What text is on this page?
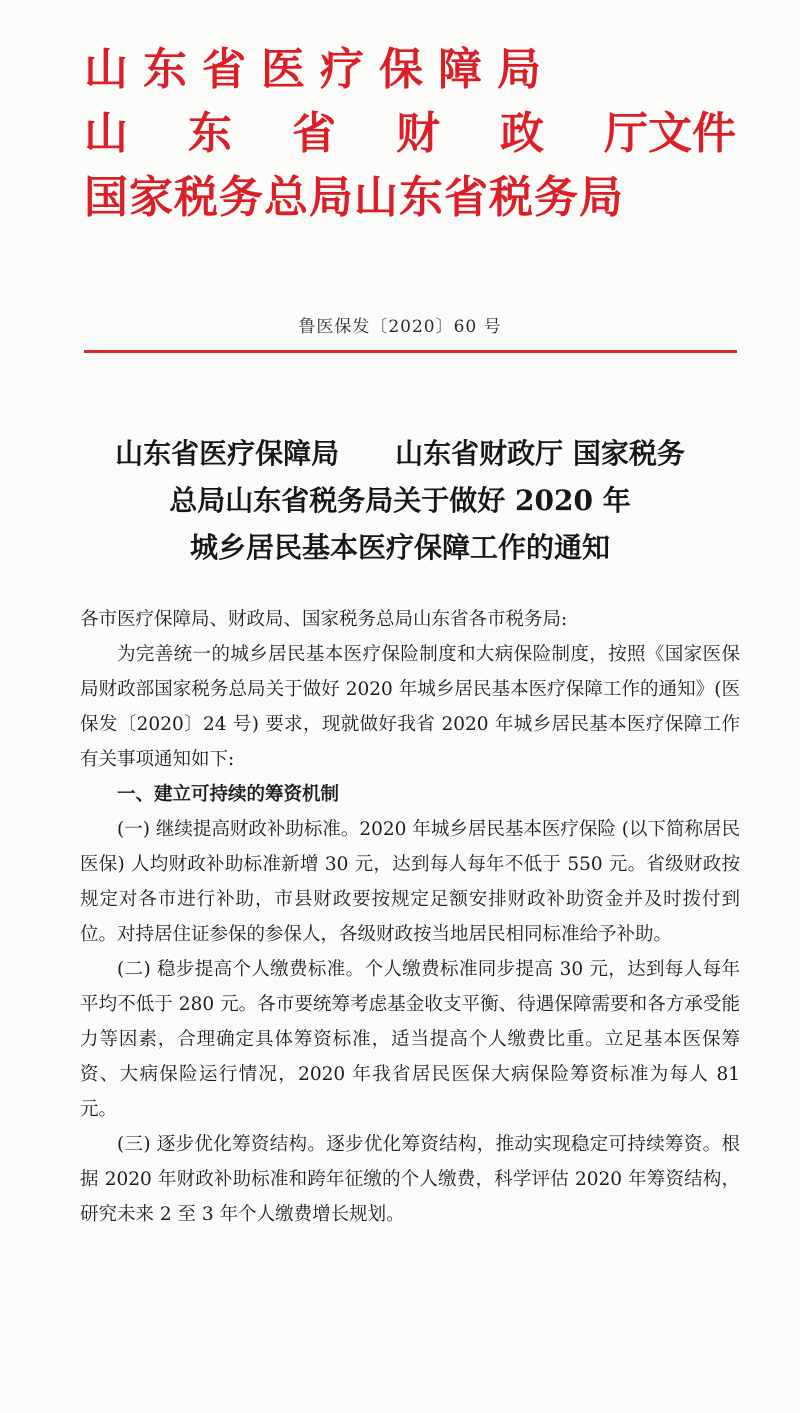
山东省医疗保障局
山 东 省 财 政 厅文件
国家税务总局山东省税务局
鲁医保发〔2020〕60 号
山东省医疗保障局　　山东省财政厅 国家税务
总局山东省税务局关于做好 2020 年
城乡居民基本医疗保障工作的通知

各市医疗保障局、财政局、国家税务总局山东省各市税务局:

为完善统一的城乡居民基本医疗保险制度和大病保险制度，按照《国家医保局财政部国家税务总局关于做好 2020 年城乡居民基本医疗保障工作的通知》(医保发〔2020〕24 号) 要求，现就做好我省 2020 年城乡居民基本医疗保障工作有关事项通知如下:

一、建立可持续的筹资机制

(一) 继续提高财政补助标准。2020 年城乡居民基本医疗保险 (以下简称居民医保) 人均财政补助标准新增 30 元，达到每人每年不低于 550 元。省级财政按规定对各市进行补助，市县财政要按规定足额安排财政补助资金并及时拨付到位。对持居住证参保的参保人，各级财政按当地居民相同标准给予补助。

(二) 稳步提高个人缴费标准。个人缴费标准同步提高 30 元，达到每人每年平均不低于 280 元。各市要统筹考虑基金收支平衡、待遇保障需要和各方承受能力等因素，合理确定具体筹资标准，适当提高个人缴费比重。立足基本医保筹资、大病保险运行情况，2020 年我省居民医保大病保险筹资标准为每人 81 元。

(三) 逐步优化筹资结构。逐步优化筹资结构，推动实现稳定可持续筹资。根据 2020 年财政补助标准和跨年征缴的个人缴费，科学评估 2020 年筹资结构，研究未来 2 至 3 年个人缴费增长规划。
